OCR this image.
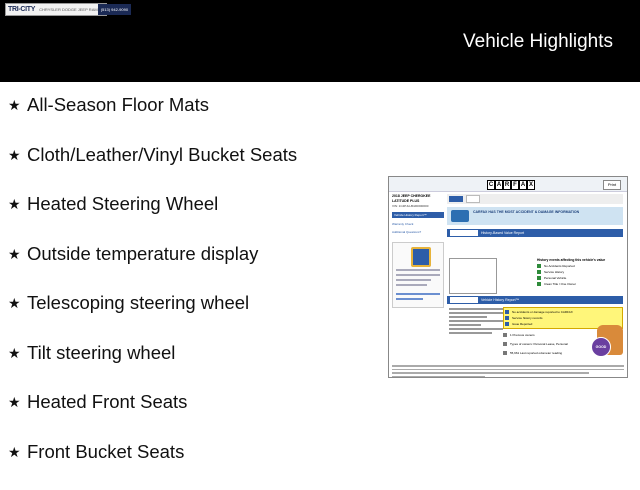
TRI-CITY CHRYSLER DODGE JEEP RAM (513) 942-9090
Vehicle Highlights
★ All-Season Floor Mats
★ Cloth/Leather/Vinyl Bucket Seats
★ Heated Steering Wheel
★ Outside temperature display
★ Telescoping steering wheel
★ Tilt steering wheel
★ Heated Front Seats
★ Front Bucket Seats
C A R F A X	Print
2018 JEEP CHEROKEE LATITUDE PLUS
VIN: 1C4PJLLB4JD000000
Vehicle History Report™
Warranty Check
Additional Questions?
CARFAX HAS THE MOST ACCIDENT & DAMAGE INFORMATION
History-Based Value Report
History events affecting this vehicle's value
No Accidents Reported
Service History
Personal Vehicle
Clean Title / One Owner
Vehicle History Report™
No accidents or damage reported to CARFAX
Service history records
Issue Reported
1 Previous owners
Types of owners: Personal Lease, Personal
55,961 Last reported odometer reading
GOOD
